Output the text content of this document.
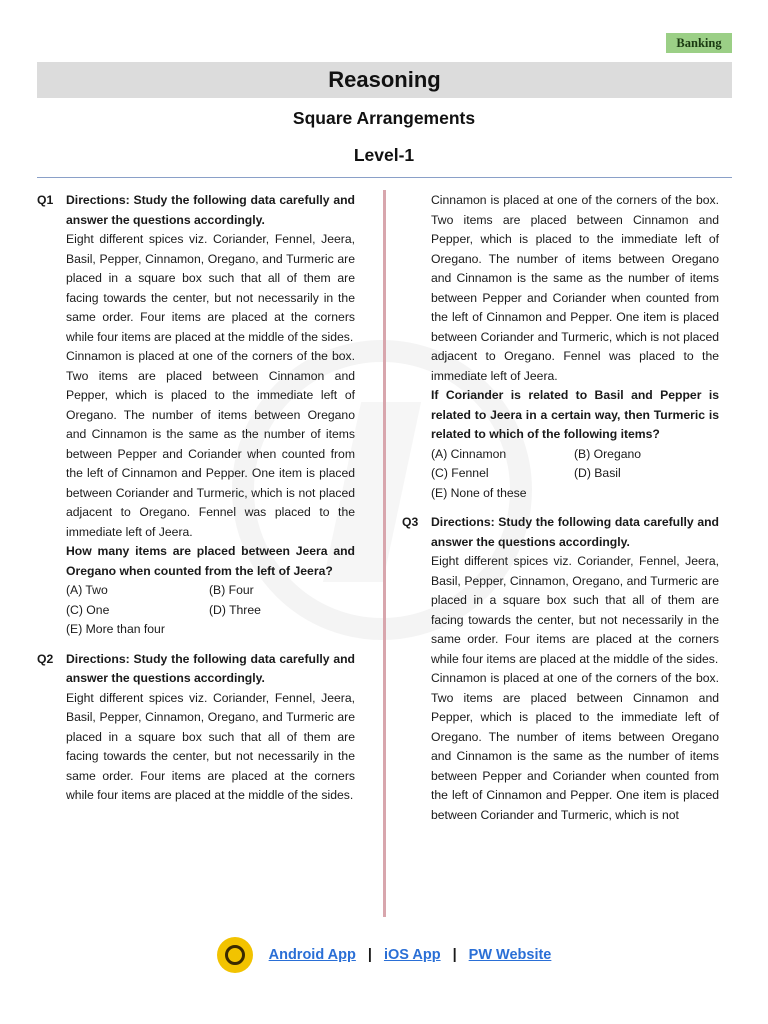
Banking
Reasoning
Square Arrangements
Level-1
Q1 Directions: Study the following data carefully and answer the questions accordingly.

Eight different spices viz. Coriander, Fennel, Jeera, Basil, Pepper, Cinnamon, Oregano, and Turmeric are placed in a square box such that all of them are facing towards the center, but not necessarily in the same order. Four items are placed at the corners while four items are placed at the middle of the sides.

Cinnamon is placed at one of the corners of the box. Two items are placed between Cinnamon and Pepper, which is placed to the immediate left of Oregano. The number of items between Oregano and Cinnamon is the same as the number of items between Pepper and Coriander when counted from the left of Cinnamon and Pepper. One item is placed between Coriander and Turmeric, which is not placed adjacent to Oregano. Fennel was placed to the immediate left of Jeera.

How many items are placed between Jeera and Oregano when counted from the left of Jeera?

(A) Two	(B) Four
(C) One	(D) Three
(E) More than four
Q2 Directions: Study the following data carefully and answer the questions accordingly.

Eight different spices viz. Coriander, Fennel, Jeera, Basil, Pepper, Cinnamon, Oregano, and Turmeric are placed in a square box such that all of them are facing towards the center, but not necessarily in the same order. Four items are placed at the corners while four items are placed at the middle of the sides.

Cinnamon is placed at one of the corners of the box. Two items are placed between Cinnamon and Pepper, which is placed to the immediate left of Oregano. The number of items between Oregano and Cinnamon is the same as the number of items between Pepper and Coriander when counted from the left of Cinnamon and Pepper. One item is placed between Coriander and Turmeric, which is not placed adjacent to Oregano. Fennel was placed to the immediate left of Jeera.

If Coriander is related to Basil and Pepper is related to Jeera in a certain way, then Turmeric is related to which of the following items?

(A) Cinnamon	(B) Oregano
(C) Fennel	(D) Basil
(E) None of these
Q3 Directions: Study the following data carefully and answer the questions accordingly.

Eight different spices viz. Coriander, Fennel, Jeera, Basil, Pepper, Cinnamon, Oregano, and Turmeric are placed in a square box such that all of them are facing towards the center, but not necessarily in the same order. Four items are placed at the corners while four items are placed at the middle of the sides.

Cinnamon is placed at one of the corners of the box. Two items are placed between Cinnamon and Pepper, which is placed to the immediate left of Oregano. The number of items between Oregano and Cinnamon is the same as the number of items between Pepper and Coriander when counted from the left of Cinnamon and Pepper. One item is placed between Coriander and Turmeric, which is not

Android App | iOS App | PW Website
